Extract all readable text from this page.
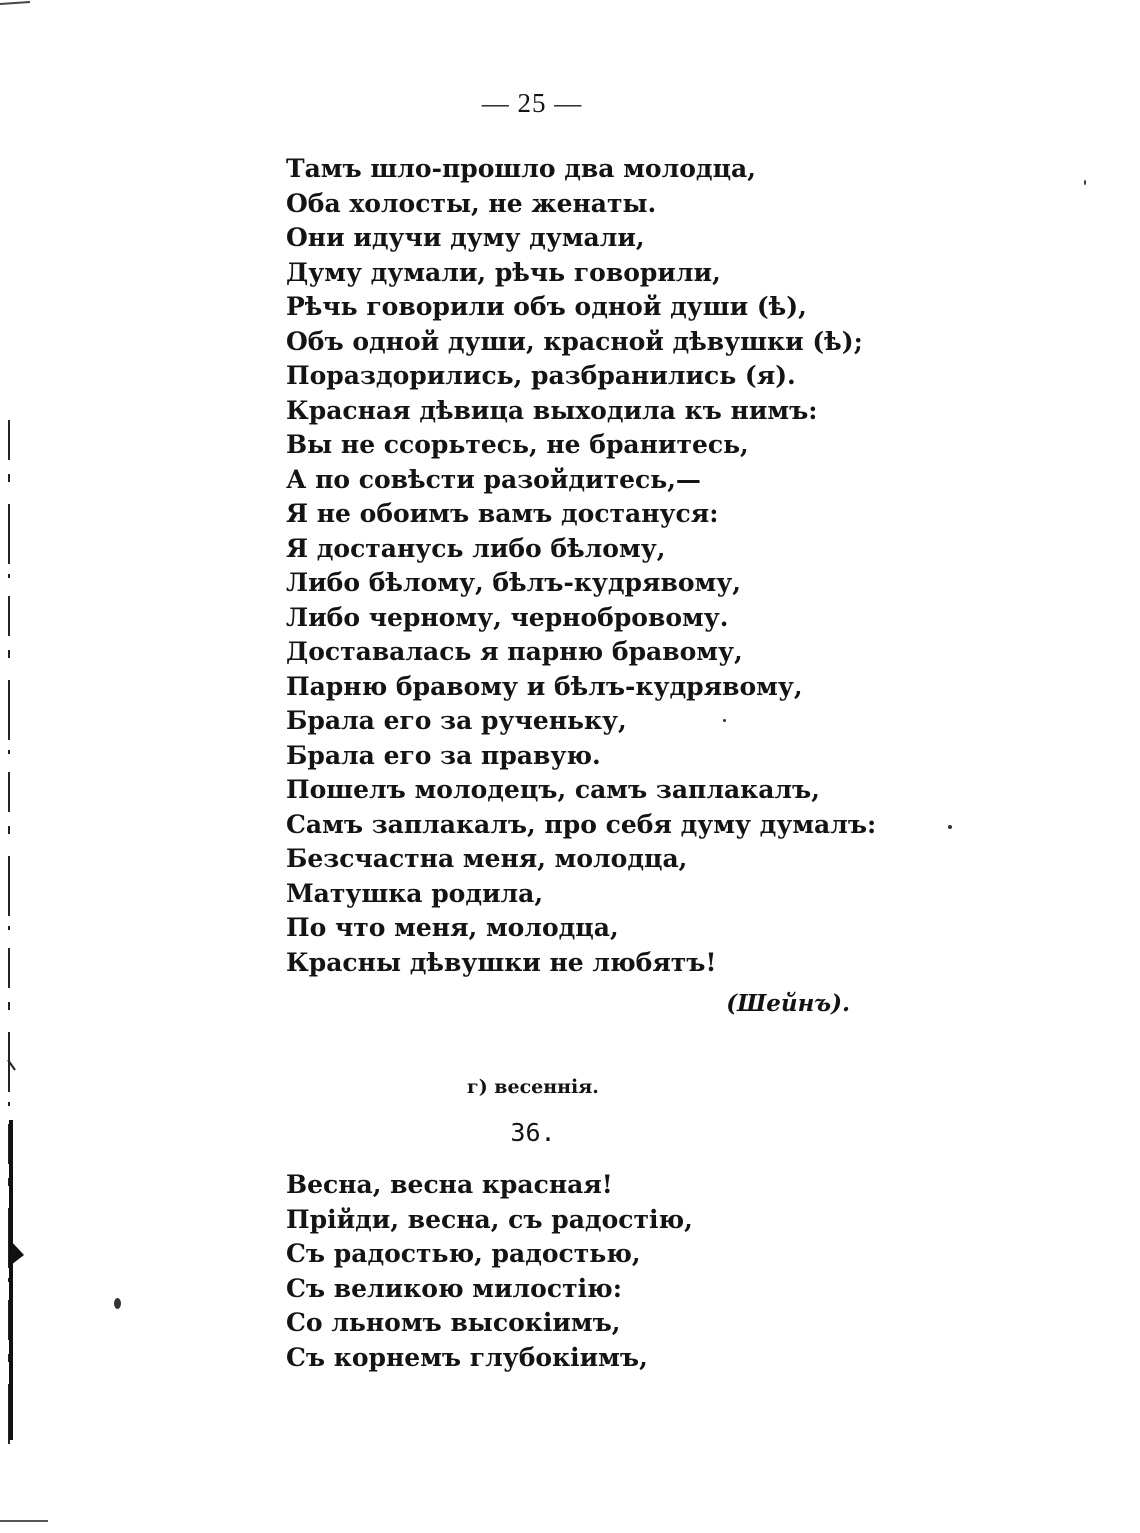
— 25 —
Тамъ шло-прошло два молодца,
Оба холосты, не женаты.
Они идучи думу думали,
Думу думали, рѣчь говорили,
Рѣчь говорили объ одной души (ѣ),
Объ одной души, красной дѣвушки (ѣ);
Пораздорились, разбранились (я).
Красная дѣвица выходила къ нимъ:
Вы не ссорьтесь, не бранитесь,
А по совѣсти разойдитесь,—
Я не обоимъ вамъ достануся:
Я достанусь либо бѣлому,
Либо бѣлому, бѣлъ-кудрявому,
Либо черному, чернобровому.
Доставалась я парню бравому,
Парню бравому и бѣлъ-кудрявому,
Брала его за рученьку,
Брала его за правую.
Пошелъ молодецъ, самъ заплакалъ,
Самъ заплакалъ, про себя думу думалъ:
Безсчастна меня, молодца,
Матушка родила,
По что меня, молодца,
Красны дѣвушки не любятъ!
(Шейнъ).
г) весеннія.
36.
Весна, весна красная!
Прійди, весна, съ радостію,
Съ радостью, радостью,
Съ великою милостію:
Со льномъ высокіимъ,
Съ корнемъ глубокіимъ,
